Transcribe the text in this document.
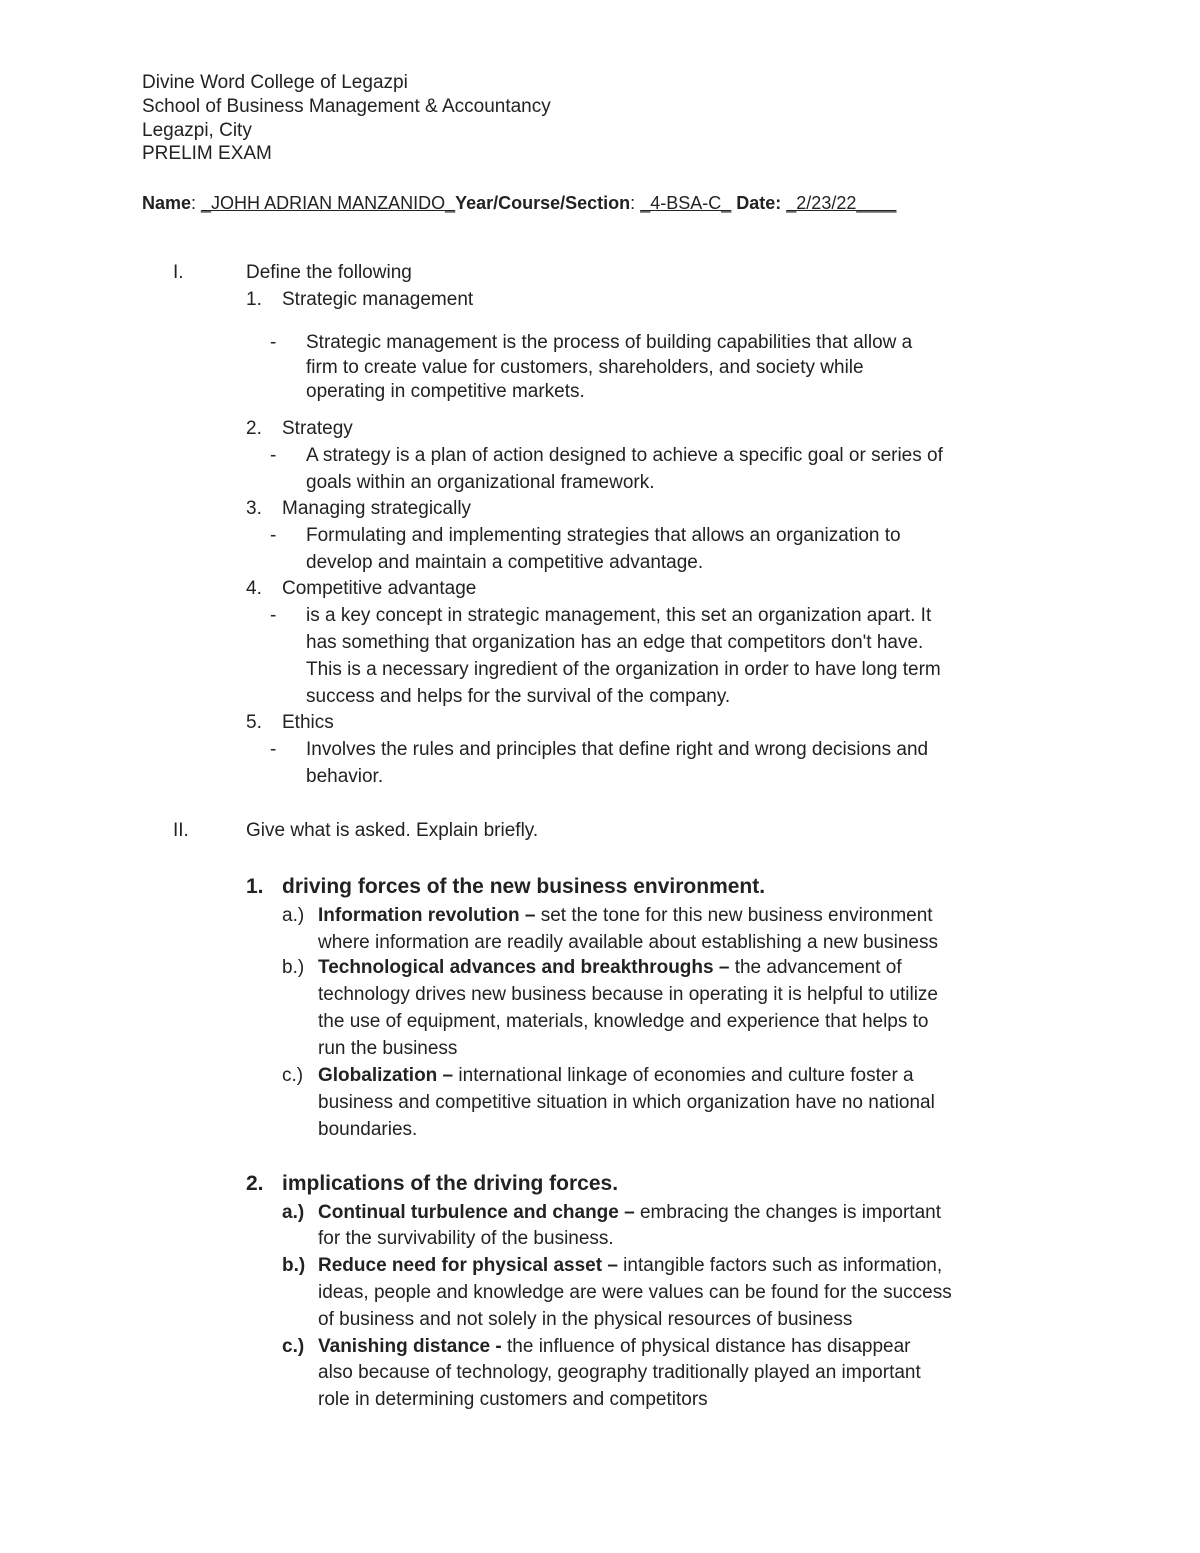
Divine Word College of Legazpi
School of Business Management & Accountancy
Legazpi, City
PRELIM EXAM
Name: _JOHH ADRIAN MANZANIDO_Year/Course/Section: _4-BSA-C_ Date: _2/23/22____
I.	Define the following
1. Strategic management
- Strategic management is the process of building capabilities that allow a
firm to create value for customers, shareholders, and society while
operating in competitive markets.
2. Strategy
- A strategy is a plan of action designed to achieve a specific goal or series of
goals within an organizational framework.
3. Managing strategically
- Formulating and implementing strategies that allows an organization to
develop and maintain a competitive advantage.
4. Competitive advantage
- is a key concept in strategic management, this set an organization apart. It
has something that organization has an edge that competitors don't have.
This is a necessary ingredient of the organization in order to have long term
success and helps for the survival of the company.
5. Ethics
- Involves the rules and principles that define right and wrong decisions and
behavior.
II.	Give what is asked. Explain briefly.
1. driving forces of the new business environment.
a.) Information revolution – set the tone for this new business environment
where information are readily available about establishing a new business
b.) Technological advances and breakthroughs – the advancement of
technology drives new business because in operating it is helpful to utilize
the use of equipment, materials, knowledge and experience that helps to
run the business
c.) Globalization – international linkage of economies and culture foster a
business and competitive situation in which organization have no national
boundaries.
2. implications of the driving forces.
a.) Continual turbulence and change – embracing the changes is important
for the survivability of the business.
b.) Reduce need for physical asset – intangible factors such as information,
ideas, people and knowledge are were values can be found for the success
of business and not solely in the physical resources of business
c.) Vanishing distance - the influence of physical distance has disappear
also because of technology, geography traditionally played an important
role in determining customers and competitors
